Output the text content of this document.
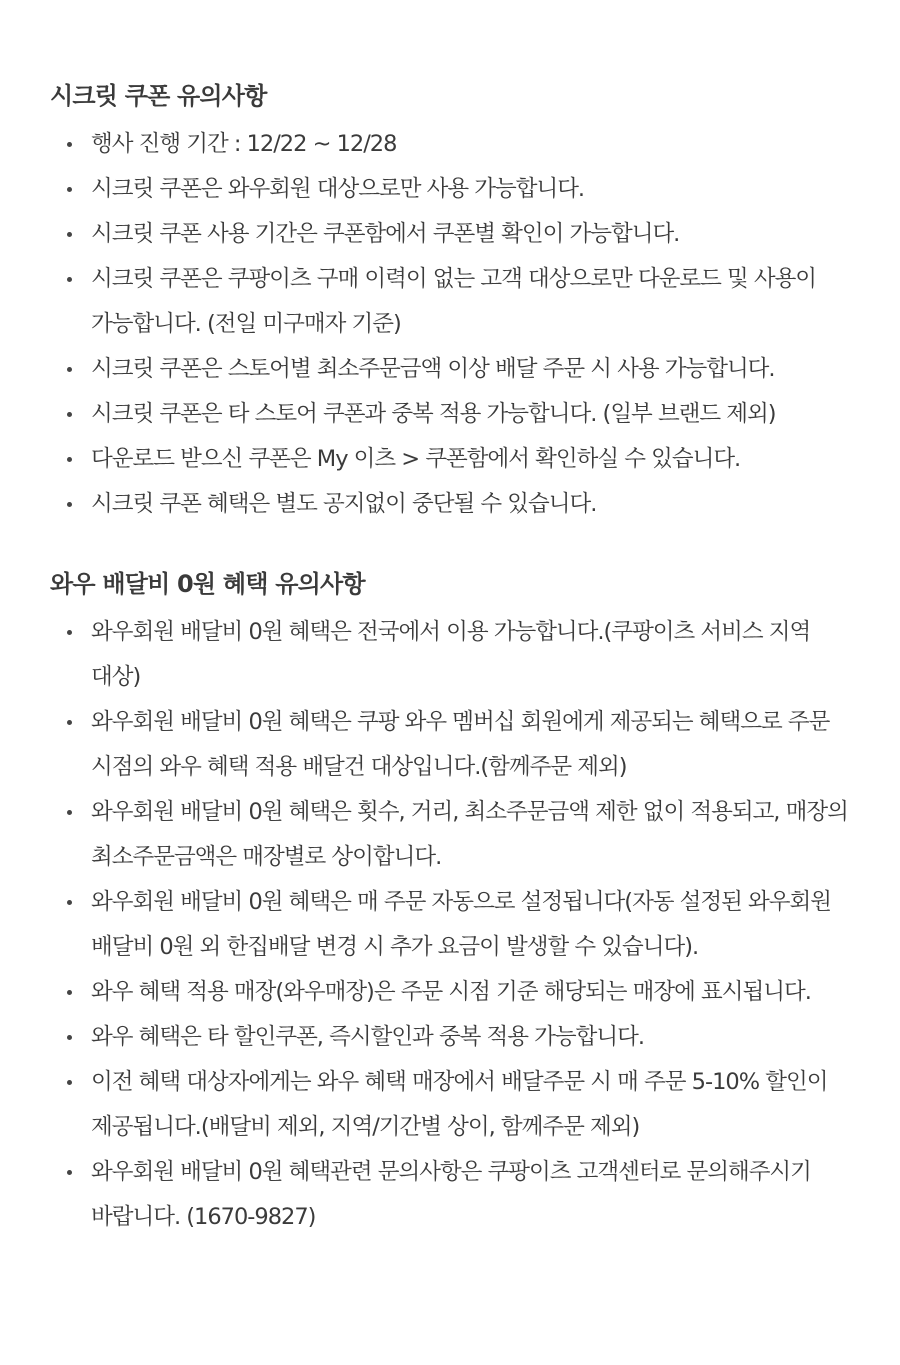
시크릿 쿠폰 유의사항
행사 진행 기간 : 12/22 ~ 12/28
시크릿 쿠폰은 와우회원 대상으로만 사용 가능합니다.
시크릿 쿠폰 사용 기간은 쿠폰함에서 쿠폰별 확인이 가능합니다.
시크릿 쿠폰은 쿠팡이츠 구매 이력이 없는 고객 대상으로만 다운로드 및 사용이 가능합니다. (전일 미구매자 기준)
시크릿 쿠폰은 스토어별 최소주문금액 이상 배달 주문 시 사용 가능합니다.
시크릿 쿠폰은 타 스토어 쿠폰과 중복 적용 가능합니다. (일부 브랜드 제외)
다운로드 받으신 쿠폰은 My 이츠 > 쿠폰함에서 확인하실 수 있습니다.
시크릿 쿠폰 혜택은 별도 공지없이 중단될 수 있습니다.
와우 배달비 0원 혜택 유의사항
와우회원 배달비 0원 혜택은 전국에서 이용 가능합니다.(쿠팡이츠 서비스 지역 대상)
와우회원 배달비 0원 혜택은 쿠팡 와우 멤버십 회원에게 제공되는 혜택으로 주문 시점의 와우 혜택 적용 배달건 대상입니다.(함께주문 제외)
와우회원 배달비 0원 혜택은 횟수, 거리, 최소주문금액 제한 없이 적용되고, 매장의 최소주문금액은 매장별로 상이합니다.
와우회원 배달비 0원 혜택은 매 주문 자동으로 설정됩니다(자동 설정된 와우회원 배달비 0원 외 한집배달 변경 시 추가 요금이 발생할 수 있습니다).
와우 혜택 적용 매장(와우매장)은 주문 시점 기준 해당되는 매장에 표시됩니다.
와우 혜택은 타 할인쿠폰, 즉시할인과 중복 적용 가능합니다.
이전 혜택 대상자에게는 와우 혜택 매장에서 배달주문 시 매 주문 5-10% 할인이 제공됩니다.(배달비 제외, 지역/기간별 상이, 함께주문 제외)
와우회원 배달비 0원 혜택관련 문의사항은 쿠팡이츠 고객센터로 문의해주시기 바랍니다. (1670-9827)
